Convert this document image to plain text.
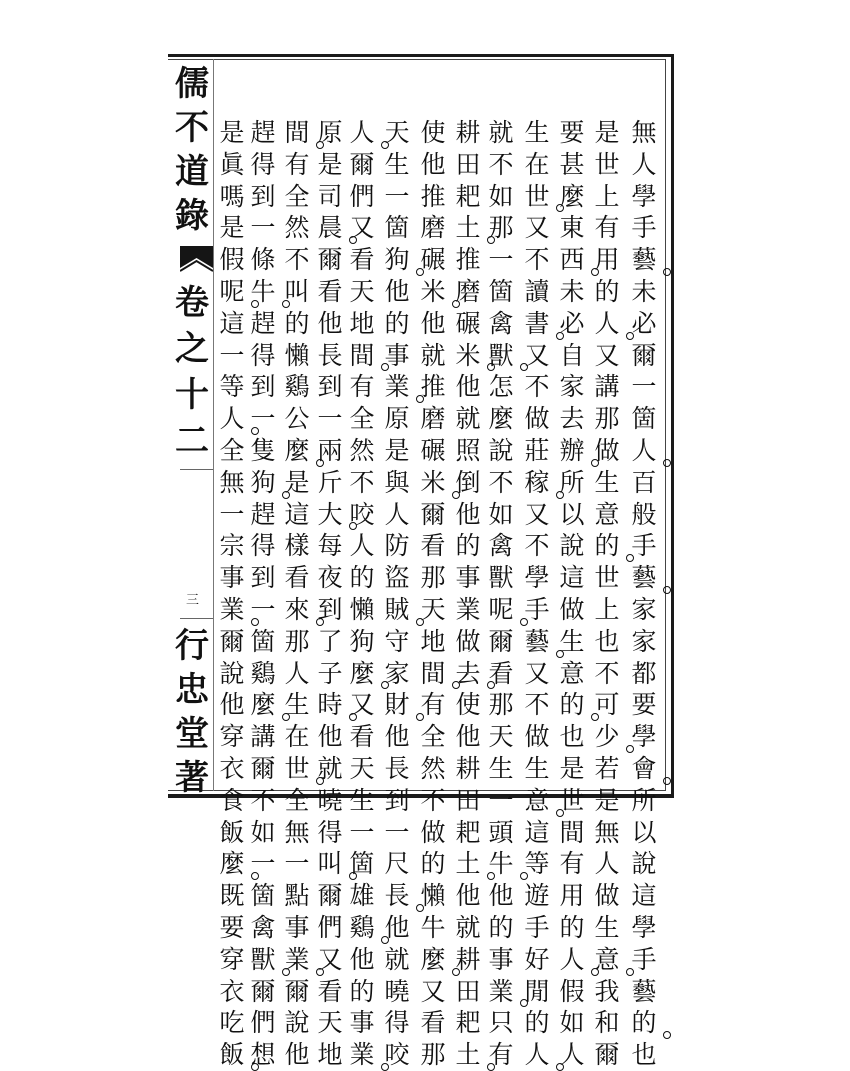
儒
不
道
錄
卷
之
十
二
三
行
忠
堂
著
無
人
學
手
藝
未
必
爾
一
箇
人
百
般
手
藝
家
家
都
要
學
會
所
以
說
這
學
手
藝
的
也
是
世
上
有
用
的
人
又
講
那
做
生
意
的
世
上
也
不
可
少
若
是
無
人
做
生
意
我
和
爾
要
甚
麼
東
西
未
必
自
家
去
辦
所
以
說
這
做
生
意
的
也
是
世
間
有
用
的
人
假
如
人
生
在
世
又
不
讀
書
又
不
做
莊
稼
又
不
學
手
藝
又
不
做
生
意
這
等
遊
手
好
閒
的
人
就
不
如
那
一
箇
禽
獸
怎
麼
說
不
如
禽
獸
呢
爾
看
那
天
生
一
頭
牛
他
的
事
業
只
有
耕
田
耙
土
推
磨
碾
米
他
就
照
倒
他
的
事
業
做
去
使
他
耕
田
耙
土
他
就
耕
田
耙
土
使
他
推
磨
碾
米
他
就
推
磨
碾
米
爾
看
那
天
地
間
有
全
然
不
做
的
懶
牛
麼
又
看
那
天
生
一
箇
狗
他
的
事
業
原
是
與
人
防
盜
賊
守
家
財
他
長
到
一
尺
長
他
就
曉
得
咬
人
爾
們
又
看
天
地
間
有
全
然
不
咬
人
的
懶
狗
麼
又
看
天
生
一
箇
雄
鷄
他
的
事
業
原
是
司
晨
爾
看
他
長
到
一
兩
斤
大
每
夜
到
了
子
時
他
就
曉
得
叫
爾
們
又
看
天
地
間
有
全
然
不
叫
的
懶
鷄
公
麼
是
這
樣
看
來
那
人
生
在
世
全
無
一
點
事
業
爾
說
他
趕
得
到
一
條
牛
趕
得
到
一
隻
狗
趕
得
到
一
箇
鷄
麼
講
爾
不
如
一
箇
禽
獸
爾
們
想
是
眞
嗎
是
假
呢
這
一
等
人
全
無
一
宗
事
業
爾
說
他
穿
衣
食
飯
麼
既
要
穿
衣
吃
飯
